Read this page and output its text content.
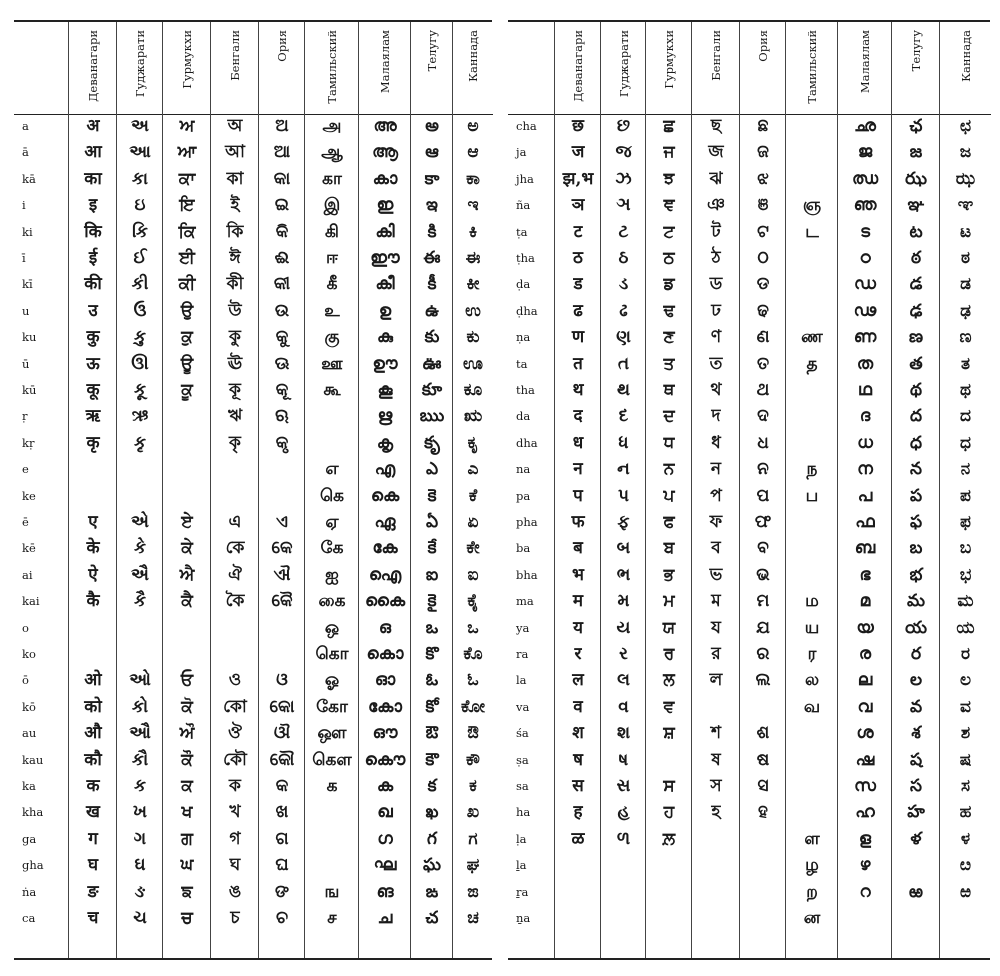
a
ā
kā
i
ki
ī
kī
u
ku
ū
kū
ṛ
kṛ
e
ke
ē
kē
ai
kai
o
ko
ō
kō
au
kau
ka
kha
ga
gha
ṅa
ca
Деванагари
अ
आ
का
इ
कि
ई
की
उ
कु
ऊ
कू
ऋ
कृ
ए
के
ऐ
कै
ओ
को
औ
कौ
क
ख
ग
घ
ङ
च
Гуджарати
અ
આ
કા
ઇ
કિ
ઈ
કી
ઉ
કુ
ઊ
કૂ
ઋ
કૃ
એ
કે
ઐ
કૈ
ઓ
કો
ઔ
કૌ
ક
ખ
ગ
ઘ
ઙ
ચ
Гурмукхи
ਅ
ਆ
ਕਾ
ਇ
ਕਿ
ਈ
ਕੀ
ਉ
ਕੁ
ਊ
ਕੂ
ਏ
ਕੇ
ਐ
ਕੈ
ਓ
ਕੋ
ਔ
ਕੌ
ਕ
ਖ
ਗ
ਘ
ਙ
ਚ
Бенгали
অ
আ
কা
ই
কি
ঈ
কী
উ
কু
ঊ
কূ
ঋ
কৃ
এ
কে
ঐ
কৈ
ও
কো
ঔ
কৌ
ক
খ
গ
ঘ
ঙ
চ
Ория
ଅ
ଆ
କା
ଇ
କି
ଈ
କୀ
ଉ
କୁ
ଊ
କୂ
ଋ
କୃ
ଏ
କେ
ଐ
କୈ
ଓ
କୋ
ଔ
କୌ
କ
ଖ
ଗ
ଘ
ଙ
ଚ
Тамильский
அ
ஆ
கா
இ
கி
ஈ
கீ
உ
கு
ஊ
கூ
எ
கெ
ஏ
கே
ஐ
கை
ஒ
கொ
ஓ
கோ
ஔ
கௌ
க
ங
ச
Малаялам
അ
ആ
കാ
ഇ
കി
ഈ
കീ
ഉ
കു
ഊ
കൂ
ഋ
കൃ
എ
കെ
ഏ
കേ
ഐ
കൈ
ഒ
കൊ
ഓ
കോ
ഔ
കൌ
ക
ഖ
ഗ
ഘ
ങ
ച
Телугу
అ
ఆ
కా
ఇ
కి
ఈ
కీ
ఉ
కు
ఊ
కూ
ఋ
కృ
ఎ
కె
ఏ
కే
ఐ
కై
ఒ
కొ
ఓ
కో
ఔ
కౌ
క
ఖ
గ
ఘ
ఙ
చ
Каннада
ಅ
ಆ
ಕಾ
ಇ
ಕಿ
ಈ
ಕೀ
ಉ
ಕು
ಊ
ಕೂ
ಋ
ಕೃ
ಎ
ಕೆ
ಏ
ಕೇ
ಐ
ಕೈ
ಒ
ಕೊ
ಓ
ಕೋ
ಔ
ಕೌ
ಕ
ಖ
ಗ
ಘ
ಙ
ಚ
cha
ja
jha
ña
ṭa
ṭha
ḍa
ḍha
ṇa
ta
tha
da
dha
na
pa
pha
ba
bha
ma
ya
ra
la
va
śa
ṣa
sa
ha
ḷa
ḻa
ṟa
ṉa
Деванагари
छ
ज
झ,भ
ञ
ट
ठ
ड
ढ
ण
त
थ
द
ध
न
प
फ
ब
भ
म
य
र
ल
व
श
ष
स
ह
ळ
Гуджарати
છ
જ
ઝ
ઞ
ટ
ઠ
ડ
ઢ
ણ
ત
થ
દ
ધ
ન
પ
ફ
બ
ભ
મ
ય
ર
લ
વ
શ
ષ
સ
હ
ળ
Гурмукхи
ਛ
ਜ
ਝ
ਞ
ਟ
ਠ
ਡ
ਢ
ਣ
ਤ
ਥ
ਦ
ਧ
ਨ
ਪ
ਫ
ਬ
ਭ
ਮ
ਯ
ਰ
ਲ
ਵ
ਸ਼
ਸ
ਹ
ਲ਼
Бенгали
ছ
জ
ঝ
ঞ
ট
ঠ
ড
ঢ
ণ
ত
থ
দ
ধ
ন
প
ফ
ব
ভ
ম
য
র
ল
শ
ষ
স
হ
Ория
ଛ
ଜ
ଝ
ଞ
ଟ
ଠ
ଡ
ଢ
ଣ
ତ
ଥ
ଦ
ଧ
ନ
ପ
ଫ
ବ
ଭ
ମ
ଯ
ର
ଲ
ଶ
ଷ
ସ
ହ
Тамильский
ஞ
ட
ண
த
ந
ப
ம
ய
ர
ல
வ
ள
ழ
ற
ன
Малаялам
ഛ
ജ
ഝ
ഞ
ട
ഠ
ഡ
ഢ
ണ
ത
ഥ
ദ
ധ
ന
പ
ഫ
ബ
ഭ
മ
യ
ര
ല
വ
ശ
ഷ
സ
ഹ
ള
ഴ
റ
Телугу
ఛ
జ
ఝ
ఞ
ట
ఠ
డ
ఢ
ణ
త
థ
ద
ధ
న
ప
ఫ
బ
భ
మ
య
ర
ల
వ
శ
ష
స
హ
ళ
ఱ
Каннада
ಛ
ಜ
ಝ
ಞ
ಟ
ಠ
ಡ
ಢ
ಣ
ತ
ಥ
ದ
ಧ
ನ
ಪ
ಫ
ಬ
ಭ
ಮ
ಯ
ರ
ಲ
ವ
ಶ
ಷ
ಸ
ಹ
ಳ
ೞ
ಱ
